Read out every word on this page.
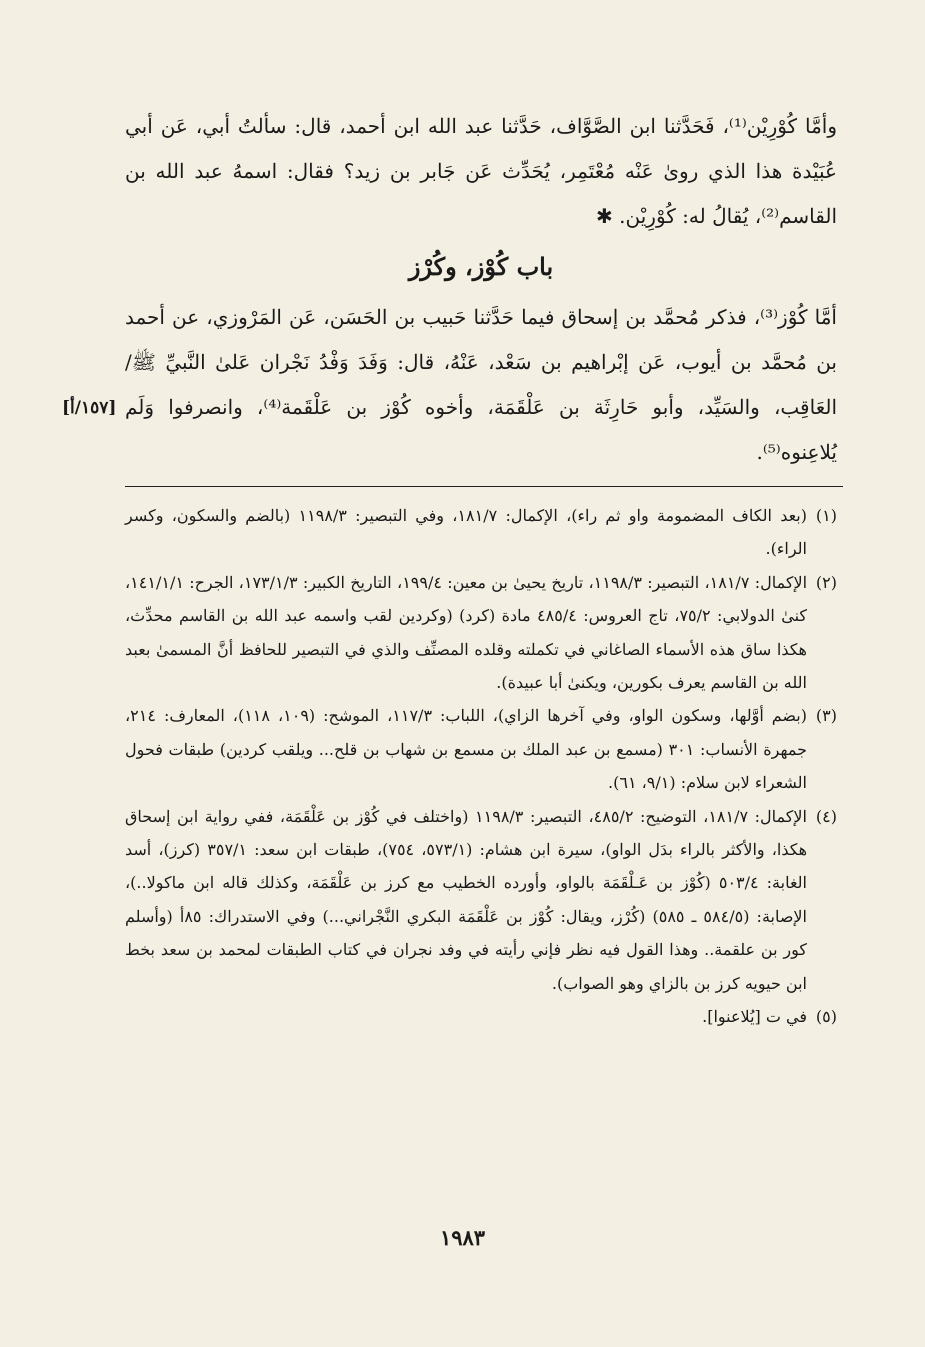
وأمَّا كُوْرِيْن⁽¹⁾، فَحَدَّثنا ابن الصَّوَّاف، حَدَّثنا عبد الله ابن أحمد، قال: سألتُ أبي، عَن أبي عُبَيْدة هذا الذي روىٰ عَنْه مُعْتَمِر، يُحَدِّث عَن جَابر بن زيد؟ فقال: اسمهُ عبد الله بن القاسم⁽²⁾، يُقالُ له: كُوْرِيْن. ✱

باب كُوْز، وكُرْز

أمَّا كُوْز⁽³⁾، فذكر مُحمَّد بن إسحاق فيما حَدَّثنا حَبيب بن الحَسَن، عَن المَرْوزي، عن أحمد بن مُحمَّد بن أيوب، عَن إبْراهيم بن سَعْد، عَنْهُ، قال: وَفَدَ وَفْدُ نَجْران عَلىٰ النَّبيِّ ﷺ/ العَاقِب، والسَيِّد، وأبو حَارِثَة بن عَلْقَمَة، وأخوه كُوْز بن عَلْقَمة⁽⁴⁾، وانصرفوا وَلَم يُلاعِنوه⁽⁵⁾.

[١٥٧/أ]
(١)
(بعد الكاف المضمومة واو ثم راء)، الإكمال: ١٨١/٧، وفي التبصير: ١١٩٨/٣ (بالضم والسكون، وكسر الراء).
(٢)
الإكمال: ١٨١/٧، التبصير: ١١٩٨/٣، تاريخ يحيىٰ بن معين: ١٩٩/٤، التاريخ الكبير: ١٧٣/١/٣، الجرح: ١٤١/١/١، كنىٰ الدولابي: ٧٥/٢، تاج العروس: ٤٨٥/٤ مادة (كرد) (وكردين لقب واسمه عبد الله بن القاسم محدِّث، هكذا ساق هذه الأسماء الصاغاني في تكملته وقلده المصنِّف والذي في التبصير للحافظ أنَّ المسمىٰ بعبد الله بن القاسم يعرف بكورين، ويكنىٰ أبا عبيدة).
(٣)
(بضم أوَّلها، وسكون الواو، وفي آخرها الزاي)، اللباب: ١١٧/٣، الموشح: (١٠٩، ١١٨)، المعارف: ٢١٤، جمهرة الأنساب: ٣٠١ (مسمع بن عبد الملك بن مسمع بن شهاب بن قلح... ويلقب كردين) طبقات فحول الشعراء لابن سلام: (٩/١، ٦١).
(٤)
الإكمال: ١٨١/٧، التوضيح: ٤٨٥/٢، التبصير: ١١٩٨/٣ (واختلف في كُوْز بن عَلْقَمَة، ففي رواية ابن إسحاق هكذا، والأكثر بالراء بدَل الواو)، سيرة ابن هشام: (٥٧٣/١، ٧٥٤)، طبقات ابن سعد: ٣٥٧/١ (كرز)، أسد الغابة: ٥٠٣/٤ (كُوْز بن عَـلْقَمَة بالواو، وأورده الخطيب مع كرز بن عَلْقَمَة، وكذلك قاله ابن ماكولا..)، الإصابة: (٥٨٤/٥ ـ ٥٨٥) (كُرْز، ويقال: كُوْز بن عَلْقَمَة البكري النَّجْراني...) وفي الاستدراك: ٨٥أ (وأسلم كور بن علقمة.. وهذا القول فيه نظر فإني رأيته في وفد نجران في كتاب الطبقات لمحمد بن سعد بخط ابن حيويه كرز بن بالزاي وهو الصواب).
(٥)
في ت [يُلاعنوا].
١٩٨٣
